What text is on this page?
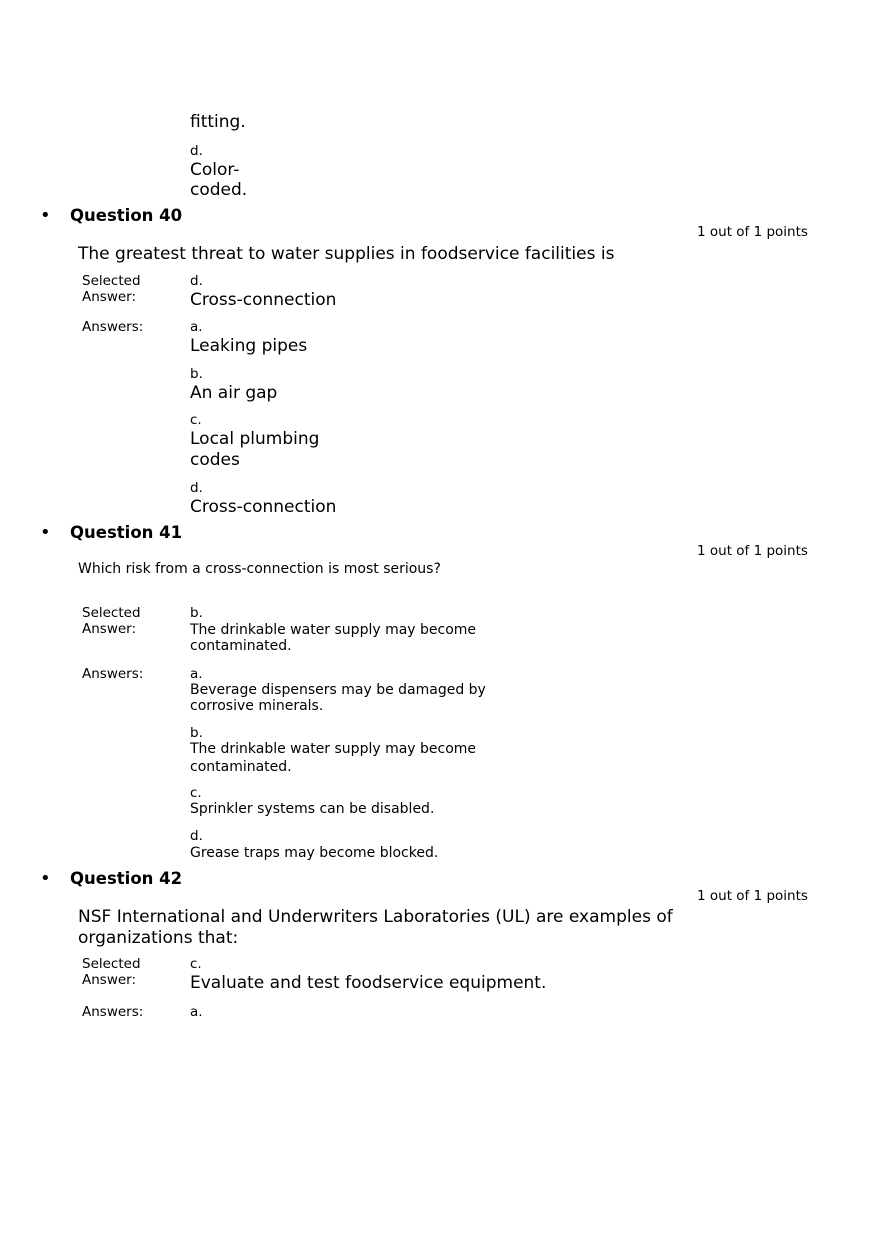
fitting.
d.
Color-
coded.
• Question 40
1 out of 1 points
The greatest threat to water supplies in foodservice facilities is
Selected
Answer:
d.
Cross-connection
Answers:	a.
Leaking pipes
b.
An air gap
c.
Local plumbing
codes
d.
Cross-connection
• Question 41
1 out of 1 points
Which risk from a cross-connection is most serious?
Selected
Answer:
b.
The drinkable water supply may become
contaminated.
Answers:	a.
Beverage dispensers may be damaged by
corrosive minerals.
b.
The drinkable water supply may become
contaminated.
c.
Sprinkler systems can be disabled.
d.
Grease traps may become blocked.
• Question 42
1 out of 1 points
NSF International and Underwriters Laboratories (UL) are examples of
organizations that:
Selected
Answer:
c.
Evaluate and test foodservice equipment.
Answers:	a.
